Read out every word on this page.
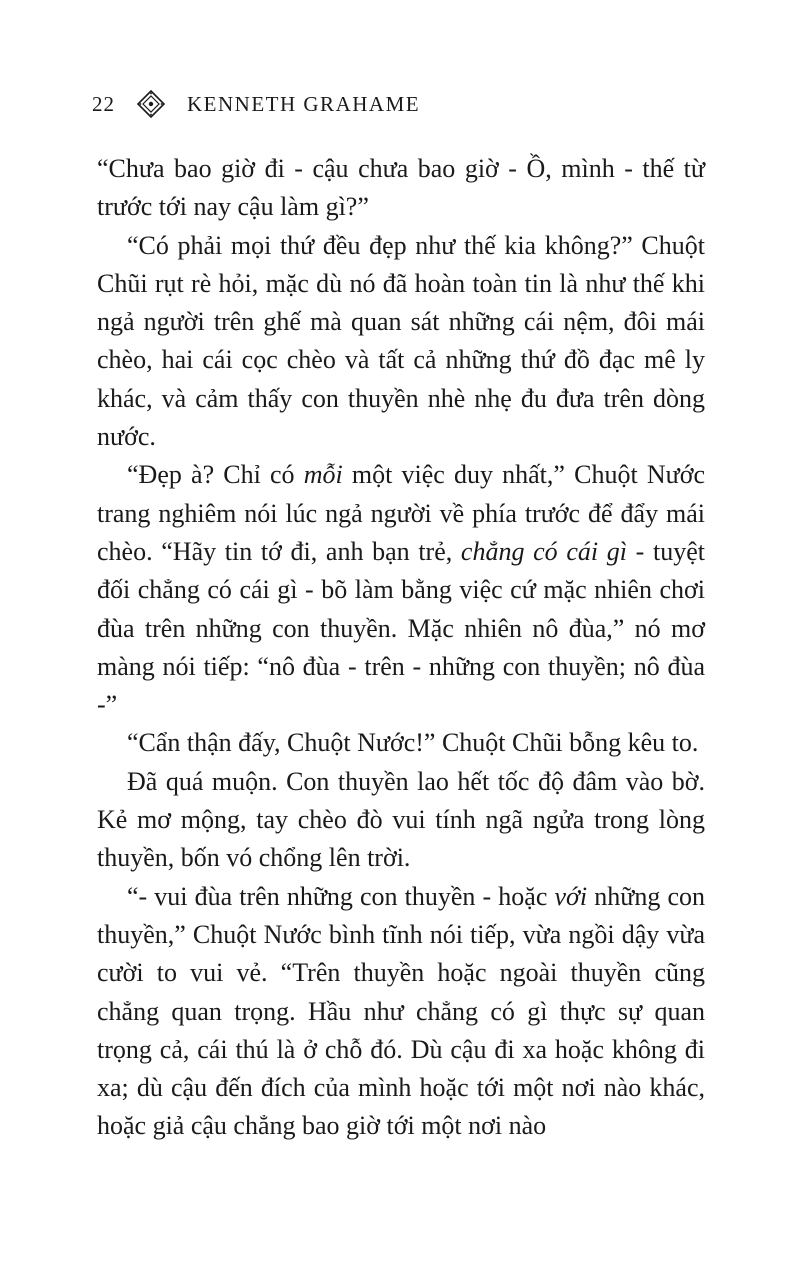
22	KENNETH GRAHAME

“Chưa bao giờ đi - cậu chưa bao giờ - Ồ, mình - thế từ trước tới nay cậu làm gì?”

“Có phải mọi thứ đều đẹp như thế kia không?” Chuột Chũi rụt rè hỏi, mặc dù nó đã hoàn toàn tin là như thế khi ngả người trên ghế mà quan sát những cái nệm, đôi mái chèo, hai cái cọc chèo và tất cả những thứ đồ đạc mê ly khác, và cảm thấy con thuyền nhè nhẹ đu đưa trên dòng nước.

“Đẹp à? Chỉ có mỗi một việc duy nhất,” Chuột Nước trang nghiêm nói lúc ngả người về phía trước để đẩy mái chèo. “Hãy tin tớ đi, anh bạn trẻ, chẳng có cái gì - tuyệt đối chẳng có cái gì - bõ làm bằng việc cứ mặc nhiên chơi đùa trên những con thuyền. Mặc nhiên nô đùa,” nó mơ màng nói tiếp: “nô đùa - trên - những con thuyền; nô đùa -”

“Cẩn thận đấy, Chuột Nước!” Chuột Chũi bỗng kêu to.

Đã quá muộn. Con thuyền lao hết tốc độ đâm vào bờ. Kẻ mơ mộng, tay chèo đò vui tính ngã ngửa trong lòng thuyền, bốn vó chổng lên trời.

“- vui đùa trên những con thuyền - hoặc với những con thuyền,” Chuột Nước bình tĩnh nói tiếp, vừa ngồi dậy vừa cười to vui vẻ. “Trên thuyền hoặc ngoài thuyền cũng chẳng quan trọng. Hầu như chẳng có gì thực sự quan trọng cả, cái thú là ở chỗ đó. Dù cậu đi xa hoặc không đi xa; dù cậu đến đích của mình hoặc tới một nơi nào khác, hoặc giả cậu chẳng bao giờ tới một nơi nào
